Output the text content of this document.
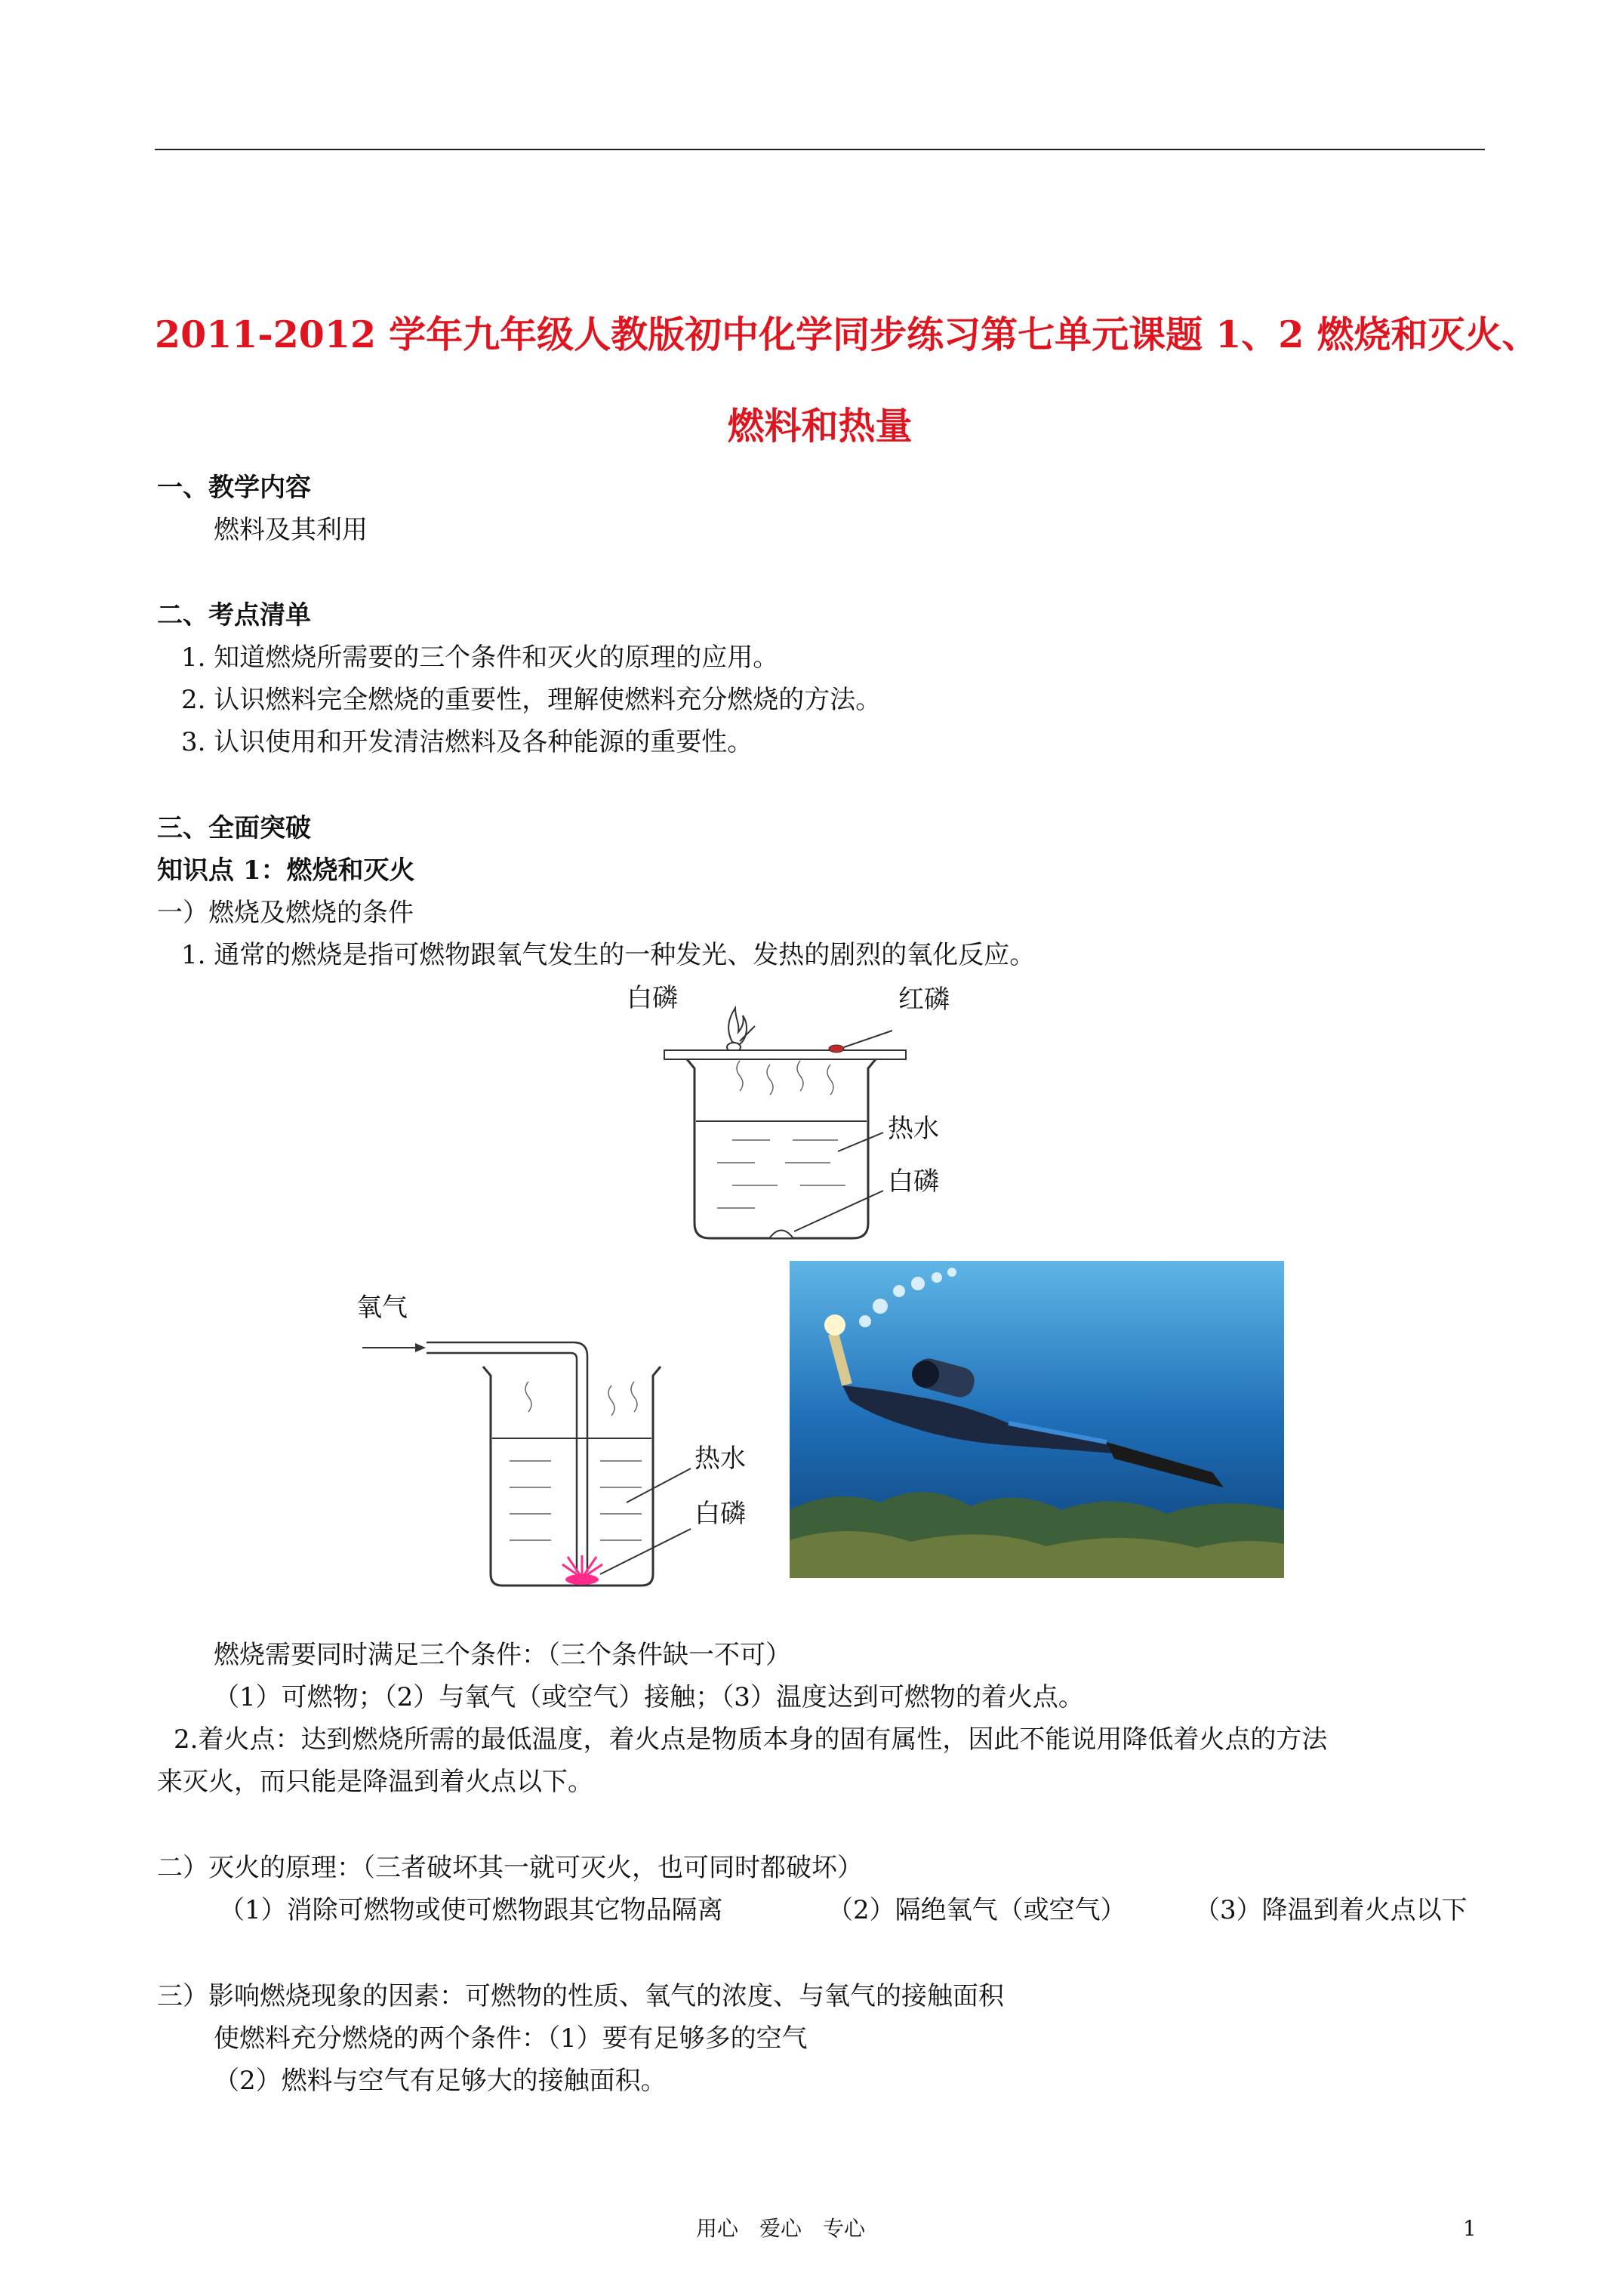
2011-2012 学年九年级人教版初中化学同步练习第七单元课题 1、2 燃烧和灭火、
燃料和热量
一、教学内容
燃料及其利用
二、考点清单
1. 知道燃烧所需要的三个条件和灭火的原理的应用。
2. 认识燃料完全燃烧的重要性，理解使燃料充分燃烧的方法。
3. 认识使用和开发清洁燃料及各种能源的重要性。
三、全面突破
知识点 1：燃烧和灭火
一）燃烧及燃烧的条件
1. 通常的燃烧是指可燃物跟氧气发生的一种发光、发热的剧烈的氧化反应。
白磷	红磷
热水
白磷
氧气
热水
白磷
燃烧需要同时满足三个条件：（三个条件缺一不可）
（1）可燃物；（2）与氧气（或空气）接触；（3）温度达到可燃物的着火点。
2.着火点：达到燃烧所需的最低温度，着火点是物质本身的固有属性，因此不能说用降低着火点的方法
来灭火，而只能是降温到着火点以下。
二）灭火的原理：（三者破坏其一就可灭火，也可同时都破坏）
（1）消除可燃物或使可燃物跟其它物品隔离	（2）隔绝氧气（或空气）	（3）降温到着火点以下
三）影响燃烧现象的因素：可燃物的性质、氧气的浓度、与氧气的接触面积
使燃料充分燃烧的两个条件：（1）要有足够多的空气
（2）燃料与空气有足够大的接触面积。
用心　爱心　专心	1
